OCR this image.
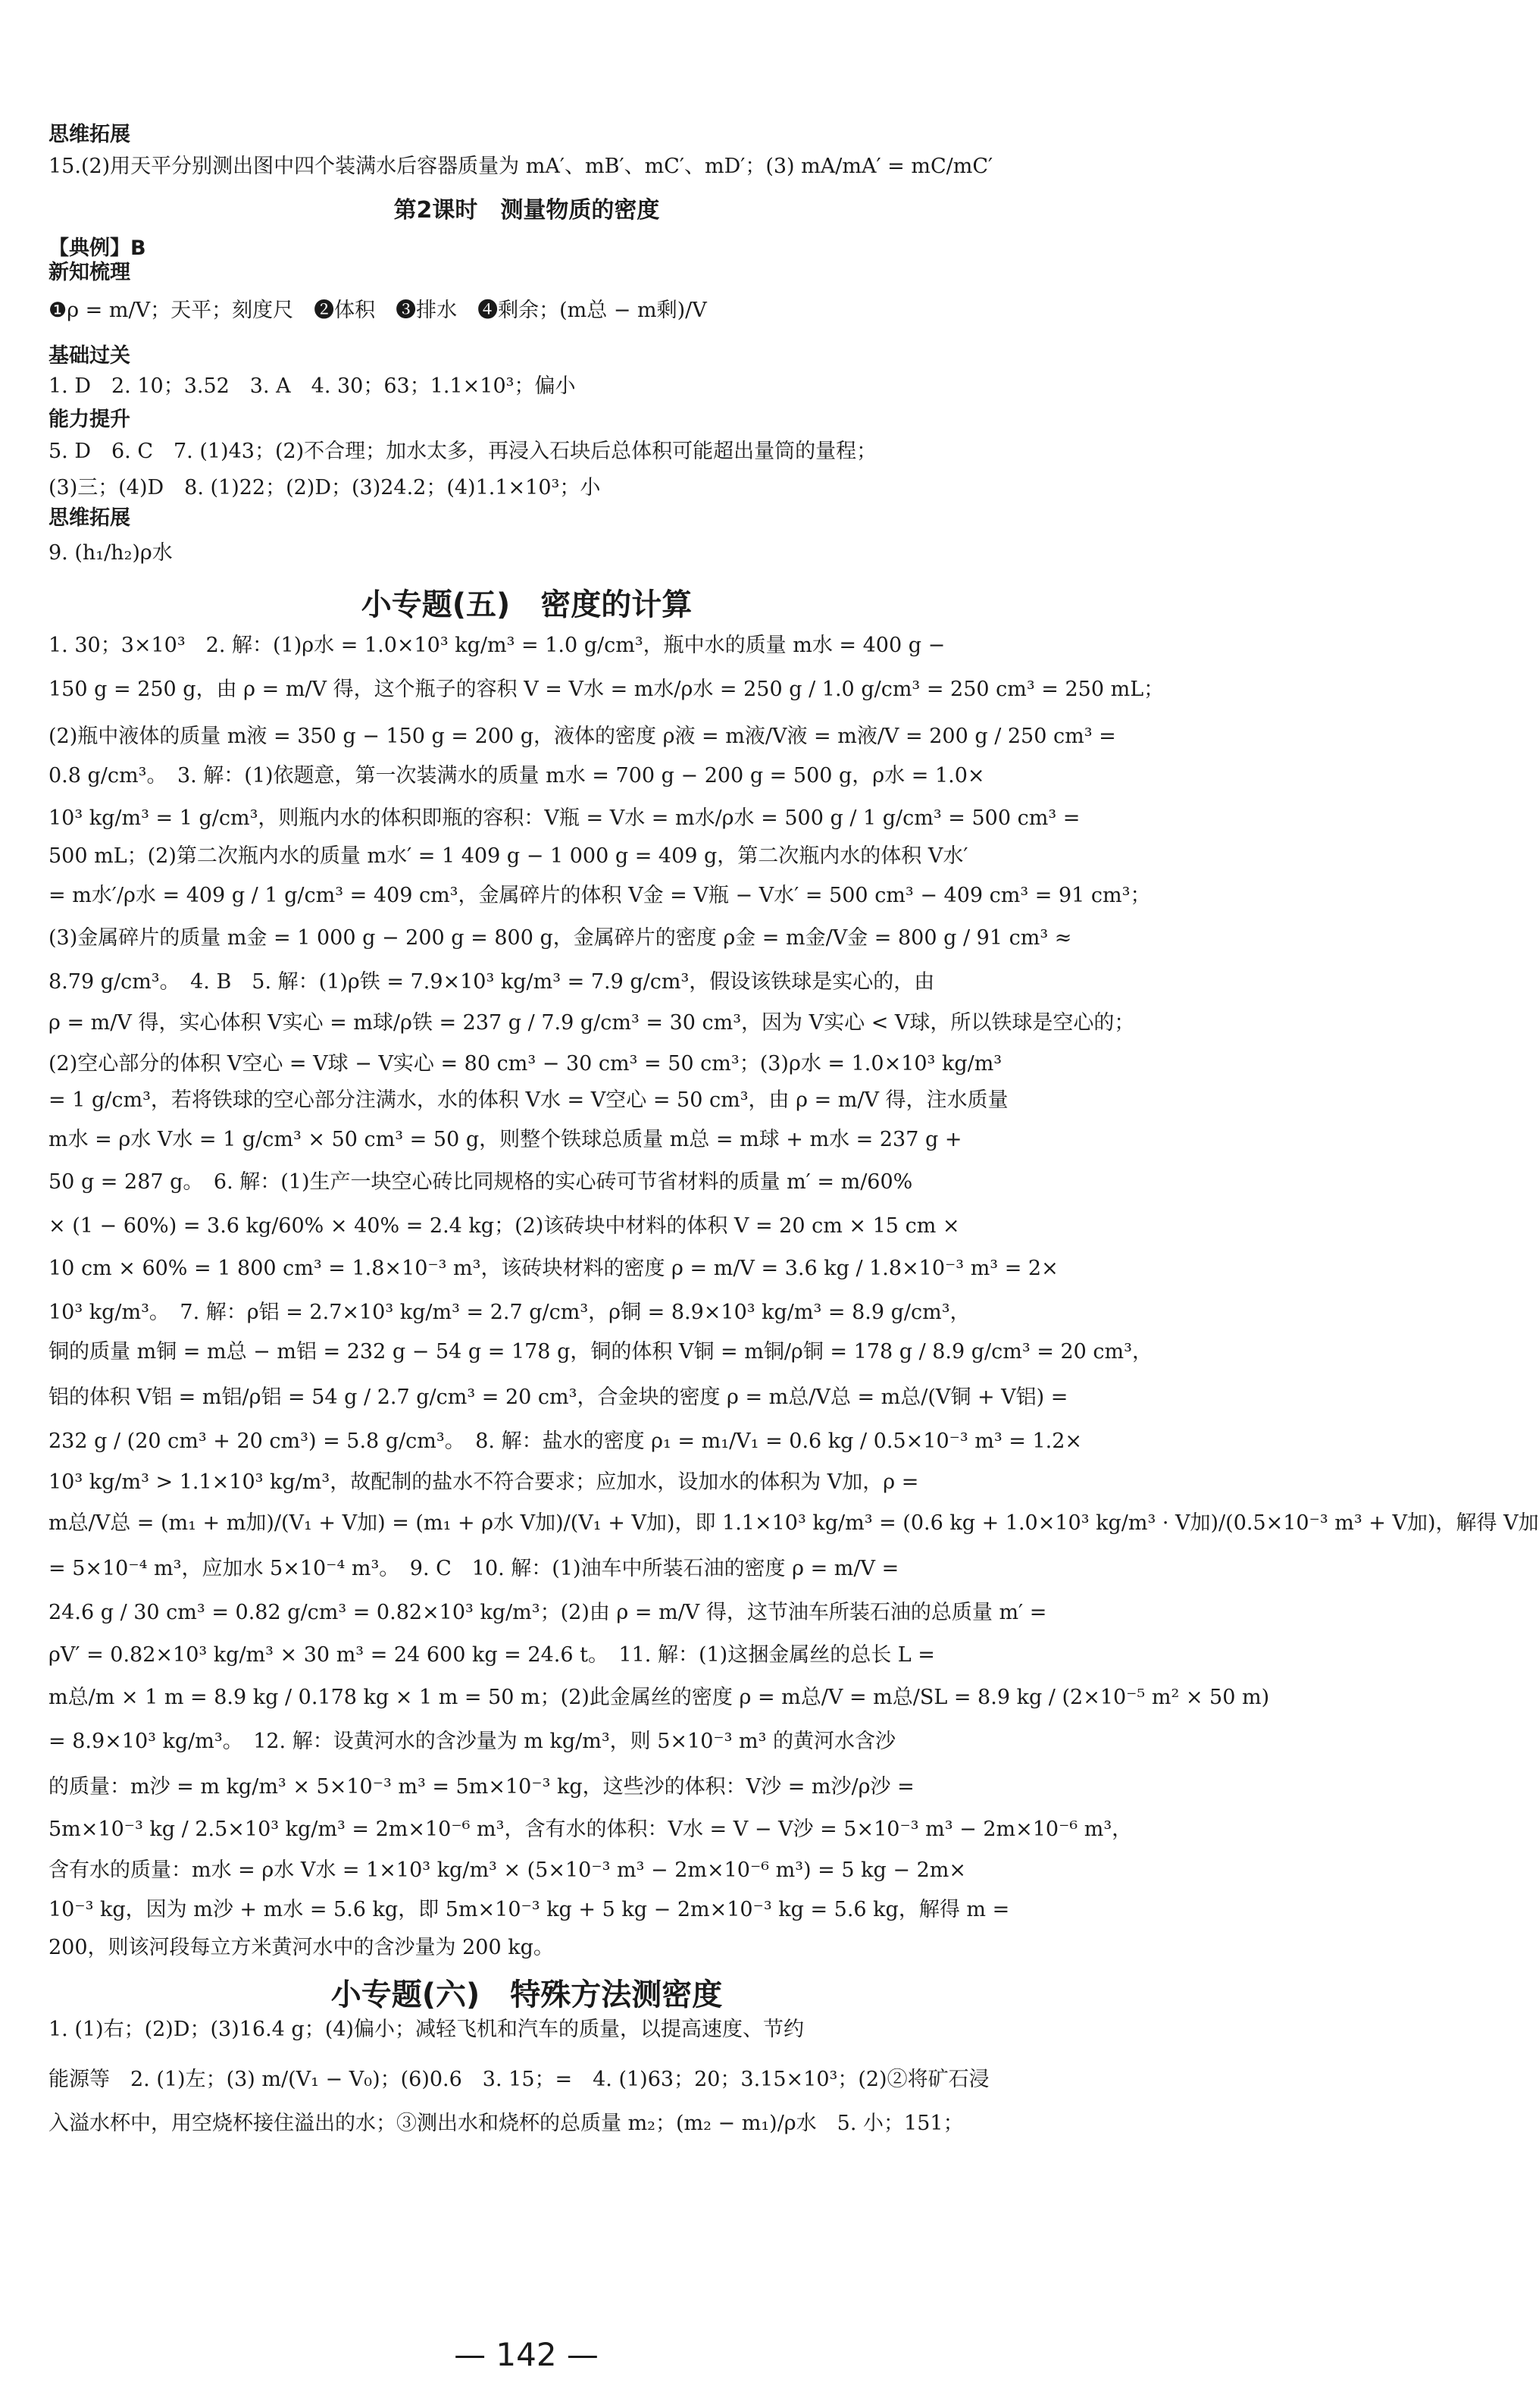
思维拓展
15.(2)用天平分别测出图中四个装满水后容器质量为 mA′、mB′、mC′、mD′；(3) mA/mA′ = mC/mC′
第2课时　测量物质的密度
【典例】B
新知梳理
❶ρ = m/V；天平；刻度尺　❷体积　❸排水　❹剩余；(m总 − m剩)/V
基础过关
1. D　2. 10；3.52　3. A　4. 30；63；1.1×10³；偏小
能力提升
5. D　6. C　7. (1)43；(2)不合理；加水太多，再浸入石块后总体积可能超出量筒的量程；
(3)三；(4)D　8. (1)22；(2)D；(3)24.2；(4)1.1×10³；小
思维拓展
9. (h₁/h₂)ρ水
小专题(五)　密度的计算
1. 30；3×10³　2. 解：(1)ρ水 = 1.0×10³ kg/m³ = 1.0 g/cm³，瓶中水的质量 m水 = 400 g −
150 g = 250 g，由 ρ = m/V 得，这个瓶子的容积 V = V水 = m水/ρ水 = 250 g / 1.0 g/cm³ = 250 cm³ = 250 mL；
(2)瓶中液体的质量 m液 = 350 g − 150 g = 200 g，液体的密度 ρ液 = m液/V液 = m液/V = 200 g / 250 cm³ =
0.8 g/cm³。　3. 解：(1)依题意，第一次装满水的质量 m水 = 700 g − 200 g = 500 g，ρ水 = 1.0×
10³ kg/m³ = 1 g/cm³，则瓶内水的体积即瓶的容积：V瓶 = V水 = m水/ρ水 = 500 g / 1 g/cm³ = 500 cm³ =
500 mL；(2)第二次瓶内水的质量 m水′ = 1 409 g − 1 000 g = 409 g，第二次瓶内水的体积 V水′
= m水′/ρ水 = 409 g / 1 g/cm³ = 409 cm³，金属碎片的体积 V金 = V瓶 − V水′ = 500 cm³ − 409 cm³ = 91 cm³；
(3)金属碎片的质量 m金 = 1 000 g − 200 g = 800 g，金属碎片的密度 ρ金 = m金/V金 = 800 g / 91 cm³ ≈
8.79 g/cm³。　4. B　5. 解：(1)ρ铁 = 7.9×10³ kg/m³ = 7.9 g/cm³，假设该铁球是实心的，由
ρ = m/V 得，实心体积 V实心 = m球/ρ铁 = 237 g / 7.9 g/cm³ = 30 cm³，因为 V实心 < V球，所以铁球是空心的；
(2)空心部分的体积 V空心 = V球 − V实心 = 80 cm³ − 30 cm³ = 50 cm³；(3)ρ水 = 1.0×10³ kg/m³
= 1 g/cm³，若将铁球的空心部分注满水，水的体积 V水 = V空心 = 50 cm³，由 ρ = m/V 得，注水质量
m水 = ρ水 V水 = 1 g/cm³ × 50 cm³ = 50 g，则整个铁球总质量 m总 = m球 + m水 = 237 g +
50 g = 287 g。　6. 解：(1)生产一块空心砖比同规格的实心砖可节省材料的质量 m′ = m/60%
× (1 − 60%) = 3.6 kg/60% × 40% = 2.4 kg；(2)该砖块中材料的体积 V = 20 cm × 15 cm ×
10 cm × 60% = 1 800 cm³ = 1.8×10⁻³ m³，该砖块材料的密度 ρ = m/V = 3.6 kg / 1.8×10⁻³ m³ = 2×
10³ kg/m³。　7. 解：ρ铝 = 2.7×10³ kg/m³ = 2.7 g/cm³，ρ铜 = 8.9×10³ kg/m³ = 8.9 g/cm³，
铜的质量 m铜 = m总 − m铝 = 232 g − 54 g = 178 g，铜的体积 V铜 = m铜/ρ铜 = 178 g / 8.9 g/cm³ = 20 cm³，
铝的体积 V铝 = m铝/ρ铝 = 54 g / 2.7 g/cm³ = 20 cm³，合金块的密度 ρ = m总/V总 = m总/(V铜 + V铝) =
232 g / (20 cm³ + 20 cm³) = 5.8 g/cm³。　8. 解：盐水的密度 ρ₁ = m₁/V₁ = 0.6 kg / 0.5×10⁻³ m³ = 1.2×
10³ kg/m³ > 1.1×10³ kg/m³，故配制的盐水不符合要求；应加水，设加水的体积为 V加，ρ =
m总/V总 = (m₁ + m加)/(V₁ + V加) = (m₁ + ρ水 V加)/(V₁ + V加)，即 1.1×10³ kg/m³ = (0.6 kg + 1.0×10³ kg/m³ · V加)/(0.5×10⁻³ m³ + V加)，解得 V加
= 5×10⁻⁴ m³，应加水 5×10⁻⁴ m³。　9. C　10. 解：(1)油车中所装石油的密度 ρ = m/V =
24.6 g / 30 cm³ = 0.82 g/cm³ = 0.82×10³ kg/m³；(2)由 ρ = m/V 得，这节油车所装石油的总质量 m′ =
ρV′ = 0.82×10³ kg/m³ × 30 m³ = 24 600 kg = 24.6 t。　11. 解：(1)这捆金属丝的总长 L =
m总/m × 1 m = 8.9 kg / 0.178 kg × 1 m = 50 m；(2)此金属丝的密度 ρ = m总/V = m总/SL = 8.9 kg / (2×10⁻⁵ m² × 50 m)
= 8.9×10³ kg/m³。　12. 解：设黄河水的含沙量为 m kg/m³，则 5×10⁻³ m³ 的黄河水含沙
的质量：m沙 = m kg/m³ × 5×10⁻³ m³ = 5m×10⁻³ kg，这些沙的体积：V沙 = m沙/ρ沙 =
5m×10⁻³ kg / 2.5×10³ kg/m³ = 2m×10⁻⁶ m³，含有水的体积：V水 = V − V沙 = 5×10⁻³ m³ − 2m×10⁻⁶ m³，
含有水的质量：m水 = ρ水 V水 = 1×10³ kg/m³ × (5×10⁻³ m³ − 2m×10⁻⁶ m³) = 5 kg − 2m×
10⁻³ kg，因为 m沙 + m水 = 5.6 kg，即 5m×10⁻³ kg + 5 kg − 2m×10⁻³ kg = 5.6 kg，解得 m =
200，则该河段每立方米黄河水中的含沙量为 200 kg。
小专题(六)　特殊方法测密度
1. (1)右；(2)D；(3)16.4 g；(4)偏小；减轻飞机和汽车的质量，以提高速度、节约
能源等　2. (1)左；(3) m/(V₁ − V₀)；(6)0.6　3. 15；=　4. (1)63；20；3.15×10³；(2)②将矿石浸
入溢水杯中，用空烧杯接住溢出的水；③测出水和烧杯的总质量 m₂；(m₂ − m₁)/ρ水　5. 小；151；
— 142 —
